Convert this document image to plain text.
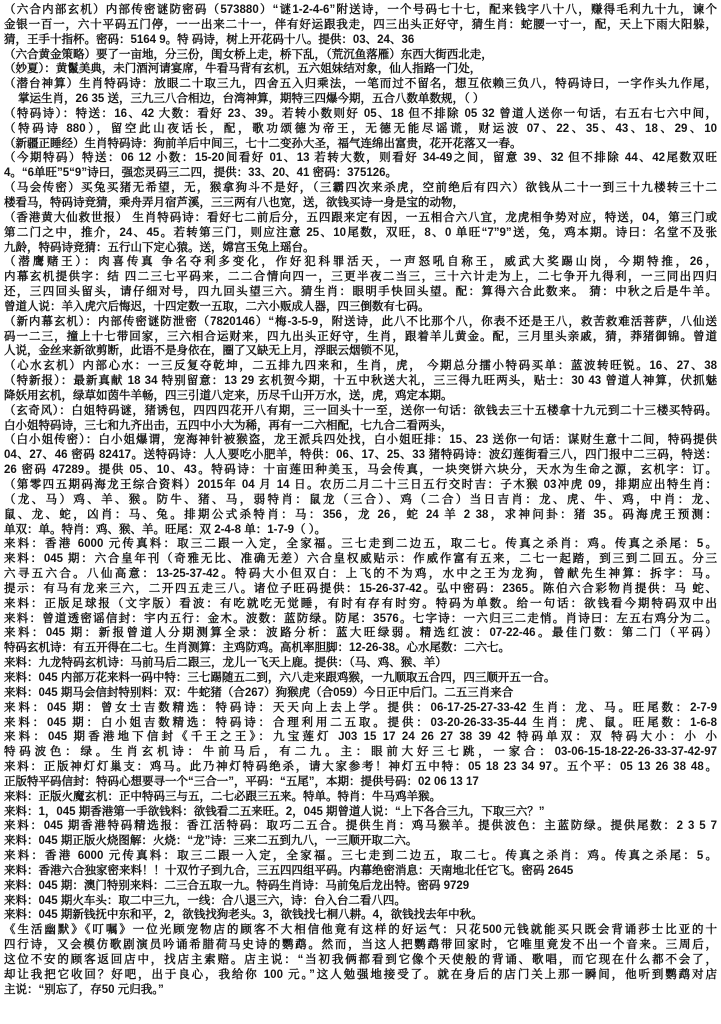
（六合内部玄机）内部传密谜防密码（573880）“谜1-2-4-6”附送诗，一个号码七十七，配来钱字八十八，赚得毛利九十九，谏个
金银一百一，六十平码五门停，一一出来二十一，伴有好运跟我走，四三出头正好守，猜生肖：蛇腰一寸一，配，天上下雨大阳躲，
猜，王手十指杯。密码：5164 9。特 码诗，树上开花码十八。提供：03、24、36
（六合黄金策略）要了一亩地，分三份，闺女桥上走，桥下乱，（荒沉鱼落雁）东西大街西北走，
（妙夏）：黄鬣美典，未门酒河请宴席，牛看马背有玄机，五六姐妹结对象，仙人指路一门处，
（潜台神算）生肖特码诗：放眼二十取三九，四舍五入归乘法，一笔而过不留名，想互依赖三负八，特码诗曰，一字作头九作尾，
掌运生肖，26 35 送，三九三八合相边，台湾神算，期特三四爆今期，五合八数单数规，（ ）
（特码诗）：特送：16、42 大数：看好 23、39。若转小数则好 05、18 但不排除 05 32 曾道人送你一句话，右五右七六中间，
（特码诗 880），留空此山夜话长，配，歌功颂德为帝王，无德无能尽谣谎，财运波 07、22、35、43、18、29、10
（新疆正睡经）生肖特码诗：狗前羊后中间三，七十二变孙大圣，福气连绵出富贵，花开花落又一春。
（今期特码）特送：06 12 小数：15-20间看好 01、13 若转大数，则看好 34-49之间，留意 39、32 但不排除 44、42尾数双旺
4。“6单旺”5“9”诗曰，强恋灵码三二四，提供：33、20、41 密码：375126。
（马会传密）买兔买猪无希望，无，猴拿狗斗不是好，（三霸四次来杀虎，空前绝后有四六）欲钱从二十一到三十九楼转三十二
楼看马，特码诗竞猜，乘舟弄月宿芦溪，三三两有八也宽，送，欲钱买诗一身是宝的动物，
（香港黄大仙救世报） 生肖特码诗：看好七二前后分，五四跟来定有因，一五相合六八宜，龙虎相争势对应，特送，04，第三门或
第二门之中，推介，24、45。若转第三门，则应注意 25、10尾数，双旺，8、0 单旺“7”9”送，兔，鸡本期。诗曰：名堂不及张
九龄，特码诗竞猜：五行山下定心猿。送，嫦宫玉兔上瑶台。
（潜鹰赌王）：肉喜传真 争名夺利多变化，作好犯科罪活天，一声怒吼自称王，威武大奖踢山岗，今期特推，26，
内幕玄机提供字：结 四二三七平码来，二二合情向四一，三更半夜二当三，三十六计走为上，二七争开九得利，一三同出四归
还，三四回头留头，请仔细对号，四九回头望三六。猜生肖：眼明手快回头望。配：算得六合此数来。 猜：中秋之后是牛羊。
曾道人说：羊入虎穴后悔迟，十四定数一五取，二六小贩成人器，四三倒数有七码。
（新内幕玄机）：内部传密谜防泄密（7820146）“梅-3-5-9，附送诗，此八不比那个八，你表不还是王八，救苦救难活菩萨，八仙送
码一二三，撞上十七带回家，三六相合运财来，四九出头正好守，生肖，跟着羊儿黄金。配，三月里头亲戚，猜，莽猪御锦。曾道
人说，金丝来新欲剪断，此语不是身依在，圈了又缺无上月，浮眠云烟锁不见，
（心水玄机）内部心水：一三反复夺乾坤，二五排九四来和，生肖，虎， 今期总分擂小特码买单：蓝波转旺锐。16、27、38
（特新报）：最新真献 18 34 特别留意：13 29 玄机贺今期，十五中秋送大礼，三三得九旺两头，贴士：30 43 曾道人神算，伏抓魅
降妖用玄机，绿草如茵牛羊畅，四三引道八定来，历尽千山开万水，送，虎，鸡定本期。
（玄奇风）：白姐特码谜，猪诱包，四四四花开八有期，三一回头十一至，送你一句话：欲钱去三十五楼拿十九元到二十三楼买特码。
白小姐特码诗，三七和九齐出击，五四中小大为稀，再有一二六相配，七九合二看两头，
（白小姐传密）：白小姐爆谓，宠海神针被猴盗，龙王派兵四处找，白小姐旺排：15、23 送你一句话：谋财生意十二间，特码提供
04、27、46 密码 82417。送特码诗：人人要吃小肥羊，特供：06、17、25、33 猪特码诗：波幻莲街看三八，四门报中二三码，特送：
26 密码 47289。提供 05、10、43。特码诗：十亩莲田种美玉，马会传真，一块突饼六块分，天水为生命之源，玄机字：订。
（第零四五期码海龙王综合资料）2015年 04 月 14 日。农历二月二十三日五行交时吉：子木猴 03冲虎 09，排期应出特生肖：
（龙、马）鸡、羊、猴。防牛、猪、马，弱特肖：鼠龙（三合）、鸡（二合）当日吉肖：龙、虎、牛、鸡，中肖：龙、
鼠、龙、蛇，凶肖：马、兔。排期公式杀特肖：马：356，龙 26，蛇 24 羊 2 38，求神问卦：猪 35。码海虎王预测：
单双：单。特肖：鸡、猴、羊。旺尾：双 2-4-8 单：1-7-9（ ）。
来料：香港 6000 元传真料：取三二跟一入定，全家福。三七走到二边五，取二七。传真之杀肖：鸡。传真之杀尾：5。
来料：045 期：六合皇年刊（奇雅无比、准确无差）六合皇权威贴示：作威作富有五来，二七一起踏，到三到二回五。分三
六寻五六合。八仙高意：13-25-37-42。特码大小但双白：上飞的不为鸡，水中之王为龙狗，曾献先生神算：拆字：马。
提示：有马有龙来三六，二开四五走三八。诸位子旺码提供：15-26-37-42。弘中密码：2365。陈伯六合彩物肖提供：马 蛇、
来料：正版足球报（文字版）看波：有吃就吃无觉睡，有时有存有时穷。特码为单数。给一句话：欲钱看今期特码双中出
来料：曾道透密谣信封：宇内五行：金木。波数：蓝防绿。防尾：3576。七字诗：一六归三二走悄。肖诗曰：左五右鸡分为二。
来料：045 期：新报曾道人分期测算全录：波路分析：蓝大旺绿弱。精选红波：07-22-46。最佳门数：第二门（平码）
特码玄机诗：有五开得在二七。生肖测算：主鸡防鸡。高机率胆脚：12-26-38。心水尾数：二六七。
来料：九龙特码玄机诗：马前马后二跟三，龙儿一飞天上鹿。提供：（马、鸡、猴、羊）
来料：045 内部万花来料一码中特：三七踢随五二到，六八走来跟鸡猴，一九顺取五合四，四三顺开五一合。
来料：045 期马会信封特别料：双：牛蛇猪（合267）狗猴虎（合059）今日正中后门。二五三肖来合
来料：045 期：曾女士吉数精选：特码诗：天天向上去上学。提供：06-17-25-27-33-42 生肖：龙、马。旺尾数：2-7-9
来料：045 期：白小姐吉数精选：特码诗：合理利用二五取。提供：03-20-26-33-35-44 生肖：虎、鼠。旺尾数：1-6-8
来料：045 期香港地下信封《千王之王》：九宝莲灯 J03 15 17 24 26 27 38 39 42 特码单双：双 特码大小：小 小
特码波色：绿。生肖玄机诗：牛前马后，有二九。主：眼前大好三七跳，一家合：03-06-15-18-22-26-33-37-42-97
来料：正版神灯灯巢支：鸡马。此乃神灯特码绝杀，请大家参考！神灯五中特：05 18 23 34 97。五个平：05 13 26 38 48。
正版特平码信封：特码心想要寻一个“三合一”，平码：“五尾”，本期：提供号码：02 06 13 17
来料：正版火魔玄机：正中特码三与五，二七必跟三五来。特单。特肖：牛马鸡羊猴。
来料：1，045 期香港第一手欲钱料：欲钱看二五来旺。2，045 期曾道人说：“上下各合三九，下取三六？”
来料：045 期香港特码精选报：香江活特码：取巧二五合。提供生肖：鸡马猴羊。提供波色：主蓝防绿。提供尾数：2 3 5 7
来料：045 期正版火烧图解：火烧：“龙”诗：三来二五到九八，一三顺开取二六。
来料：香港 6000 元传真料：取三二跟一入定，全家福。三七走到二边五，取二七。传真之杀肖：鸡。传真之杀尾：5。
来料：香港六合独家密来料！！十双竹子到九合，三五四四组平码。内幕绝密消息：天南地北任它飞。密码 2645
来料：045 期：澳门特别来料：二三合五取一九。特码生肖诗：马前兔后龙出特。密码 9729
来料：045 期火车头：取二中三九，一线：合八退三六，诗：台入台二看八四。
来料：045 期新钱抚中东和平，2，欲钱找狗老头。3，欲钱找七桐八耕。4，欲钱找去年中秋。
《生活幽默》《叮嘱》一位光顾宠物店的顾客不大相信他竟有这样的好运气：只花500元钱就能买只既会背诵莎士比亚的十
四行诗，又会模仿歌剧演员吟诵希腊荷马史诗的鹦鹉。然而，当这人把鹦鹉带回家时，它唯里竟发不出一个音来。三周后，
这位不安的顾客返回店中，找店主索赔。店主说：“当初我俩都看到它像个天使般的背诵、歌唱，而它现在什么都不会了，
却让我把它收回？好吧，出于良心，我给你 100 元。”这人勉强地接受了。就在身后的店门关上那一瞬间，他听到鹦鹉对店
主说：“别忘了，存50 元归我。”
